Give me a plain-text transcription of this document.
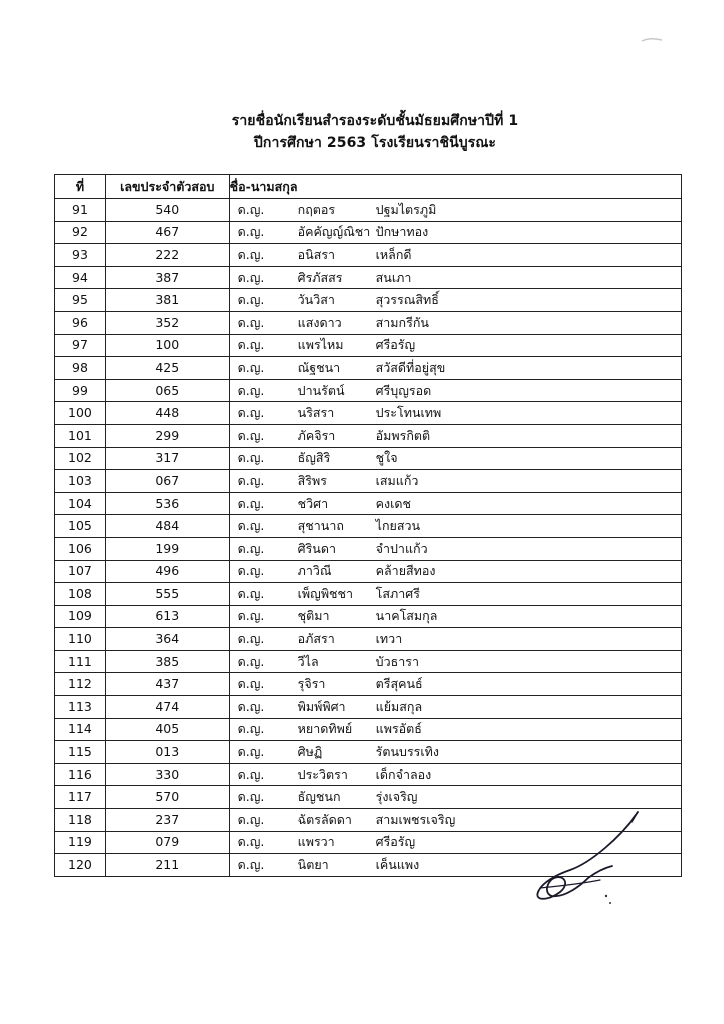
รายชื่อนักเรียนสำรองระดับชั้นมัธยมศึกษาปีที่ 1
ปีการศึกษา 2563 โรงเรียนราชินีบูรณะ
ที่	เลขประจำตัวสอบ	ชื่อ-นามสกุล
91	540	ด.ญ. กฤตอร ปฐมไตรภูมิ
92	467	ด.ญ. อัคคัญญ์ณิชา ปักษาทอง
93	222	ด.ญ. อนิสรา เหล็กดี
94	387	ด.ญ. ศิรภัสสร สนเภา
95	381	ด.ญ. วันวิสา สุวรรณสิทธิ์
96	352	ด.ญ. แสงดาว สามกรีกัน
97	100	ด.ญ. แพรไหม ศรีอรัญ
98	425	ด.ญ. ณัฐชนา สวัสดีที่อยู่สุข
99	065	ด.ญ. ปานรัตน์ ศรีบุญรอด
100	448	ด.ญ. นริสรา ประโทนเทพ
101	299	ด.ญ. ภัคจิรา อัมพรกิตติ
102	317	ด.ญ. ธัญสิริ ชูใจ
103	067	ด.ญ. สิริพร เสมแก้ว
104	536	ด.ญ. ชวิศา คงเดช
105	484	ด.ญ. สุชานาถ ไกยสวน
106	199	ด.ญ. ศิรินดา จำปาแก้ว
107	496	ด.ญ. ภาวิณี คล้ายสีทอง
108	555	ด.ญ. เพ็ญพิชชา โสภาศรี
109	613	ด.ญ. ชุติมา นาคโสมกุล
110	364	ด.ญ. อภัสรา เทวา
111	385	ด.ญ. วีไล บัวธารา
112	437	ด.ญ. รุจิรา ตรีสุคนธ์
113	474	ด.ญ. พิมพ์พิศา แย้มสกุล
114	405	ด.ญ. หยาดทิพย์ แพรอัตธ์
115	013	ด.ญ. ศิษฏิ รัตนบรรเทิง
116	330	ด.ญ. ประวิตรา เด็กจำลอง
117	570	ด.ญ. ธัญชนก รุ่งเจริญ
118	237	ด.ญ. ฉัตรลัดดา สามเพชรเจริญ
119	079	ด.ญ. แพรวา ศรีอรัญ
120	211	ด.ญ. นิตยา เค็นแพง
